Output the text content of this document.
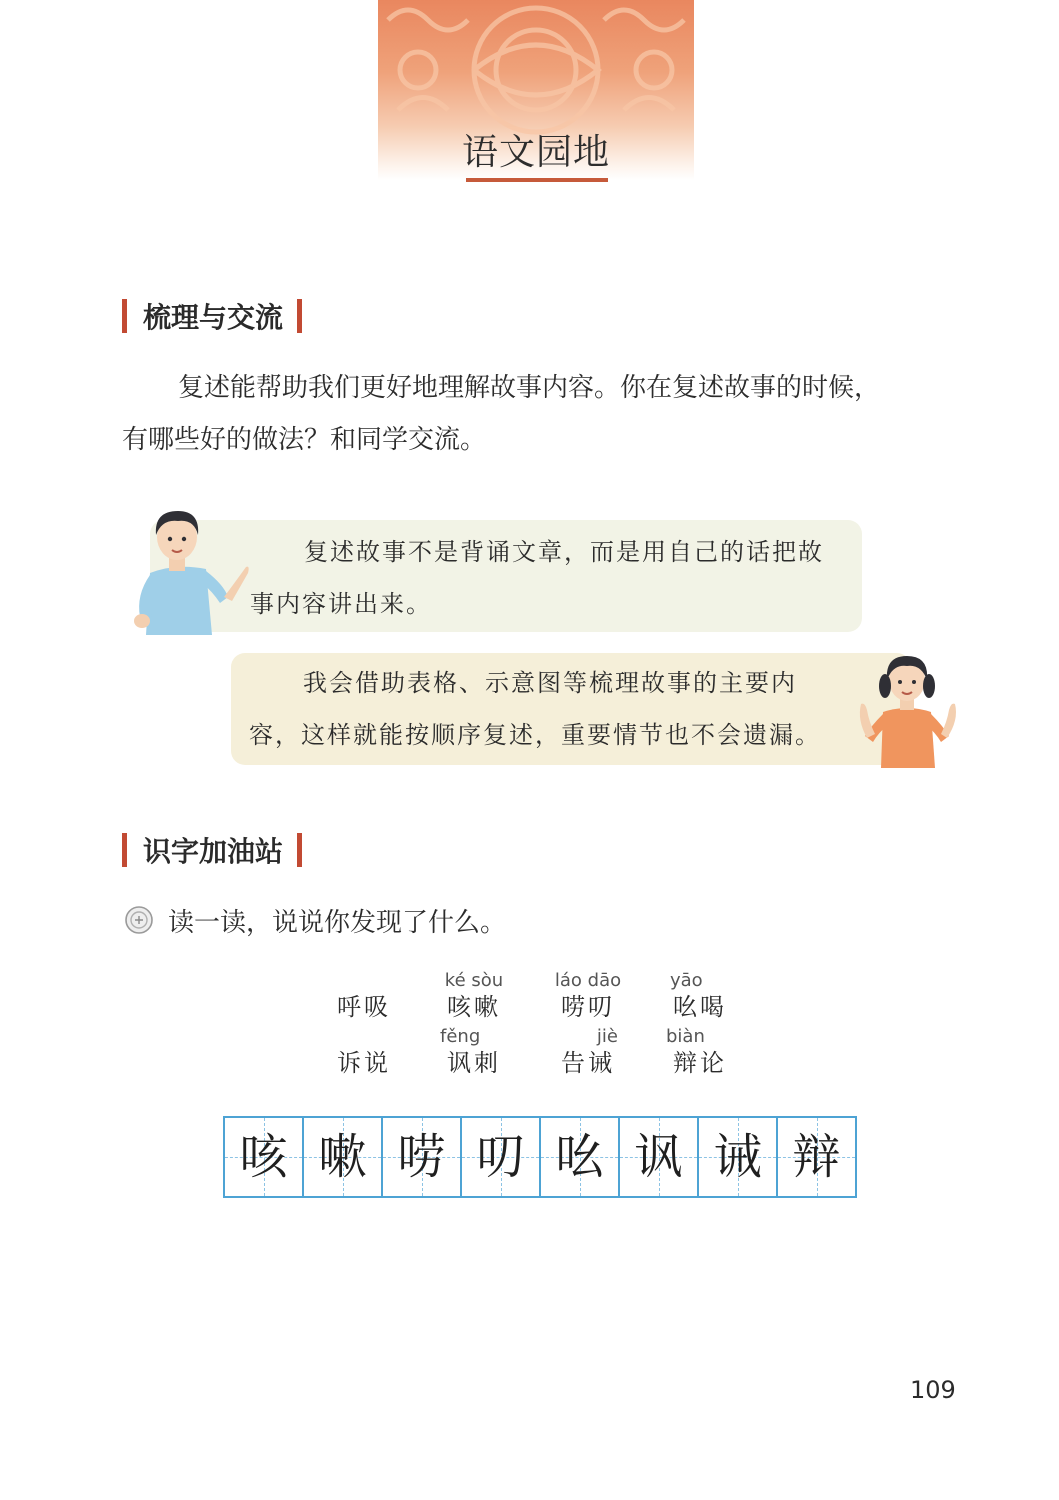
语文园地
梳理与交流
复述能帮助我们更好地理解故事内容。你在复述故事的时候，
有哪些好的做法？和同学交流。
复述故事不是背诵文章，而是用自己的话把故
事内容讲出来。
我会借助表格、示意图等梳理故事的主要内
容，这样就能按顺序复述，重要情节也不会遗漏。
识字加油站
读一读，说说你发现了什么。
呼吸
ké sòu
咳嗽
láo dāo
唠叨
yāo
吆喝
诉说
fěng
讽刺
jiè
告诫
biàn
辩论
咳 嗽 唠 叨 吆 讽 诫 辩
109
